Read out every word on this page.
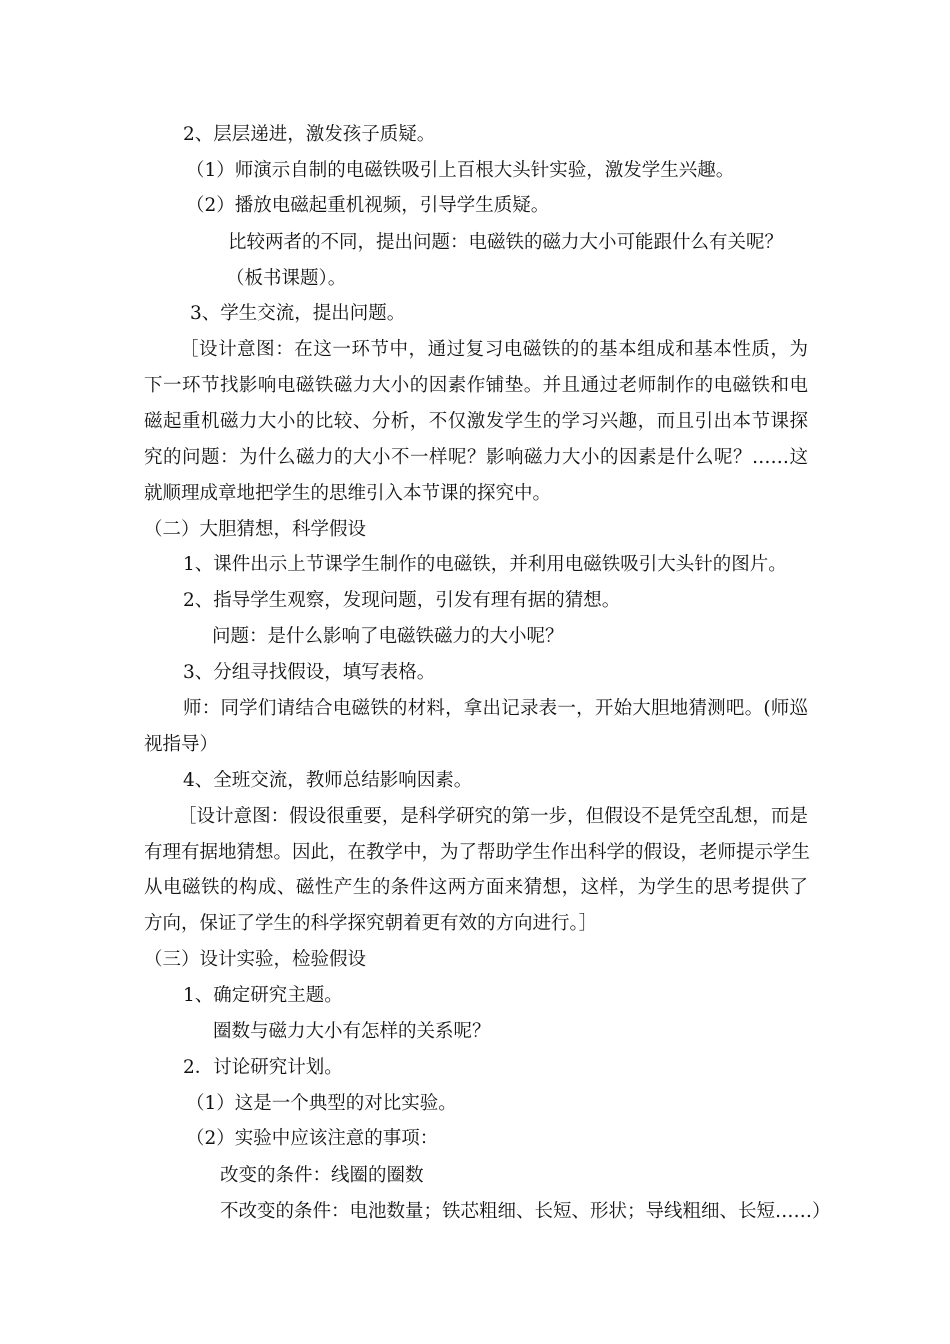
2、层层递进，激发孩子质疑。
（1）师演示自制的电磁铁吸引上百根大头针实验，激发学生兴趣。
（2）播放电磁起重机视频，引导学生质疑。
比较两者的不同，提出问题：电磁铁的磁力大小可能跟什么有关呢？
（板书课题）。
3、学生交流，提出问题。
［设计意图：在这一环节中，通过复习电磁铁的的基本组成和基本性质，为
下一环节找影响电磁铁磁力大小的因素作铺垫。并且通过老师制作的电磁铁和电
磁起重机磁力大小的比较、分析，不仅激发学生的学习兴趣，而且引出本节课探
究的问题：为什么磁力的大小不一样呢？影响磁力大小的因素是什么呢？……这
就顺理成章地把学生的思维引入本节课的探究中。
（二）大胆猜想，科学假设
1、课件出示上节课学生制作的电磁铁，并利用电磁铁吸引大头针的图片。
2、指导学生观察，发现问题，引发有理有据的猜想。
问题：是什么影响了电磁铁磁力的大小呢？
3、分组寻找假设，填写表格。
师：同学们请结合电磁铁的材料，拿出记录表一，开始大胆地猜测吧。(师巡
视指导）
4、全班交流，教师总结影响因素。
［设计意图：假设很重要，是科学研究的第一步，但假设不是凭空乱想，而是
有理有据地猜想。因此，在教学中，为了帮助学生作出科学的假设，老师提示学生
从电磁铁的构成、磁性产生的条件这两方面来猜想，这样，为学生的思考提供了
方向，保证了学生的科学探究朝着更有效的方向进行。］
（三）设计实验，检验假设
1、确定研究主题。
圈数与磁力大小有怎样的关系呢？
2．讨论研究计划。
（1）这是一个典型的对比实验。
（2）实验中应该注意的事项：
改变的条件：线圈的圈数
不改变的条件：电池数量；铁芯粗细、长短、形状；导线粗细、长短……）
